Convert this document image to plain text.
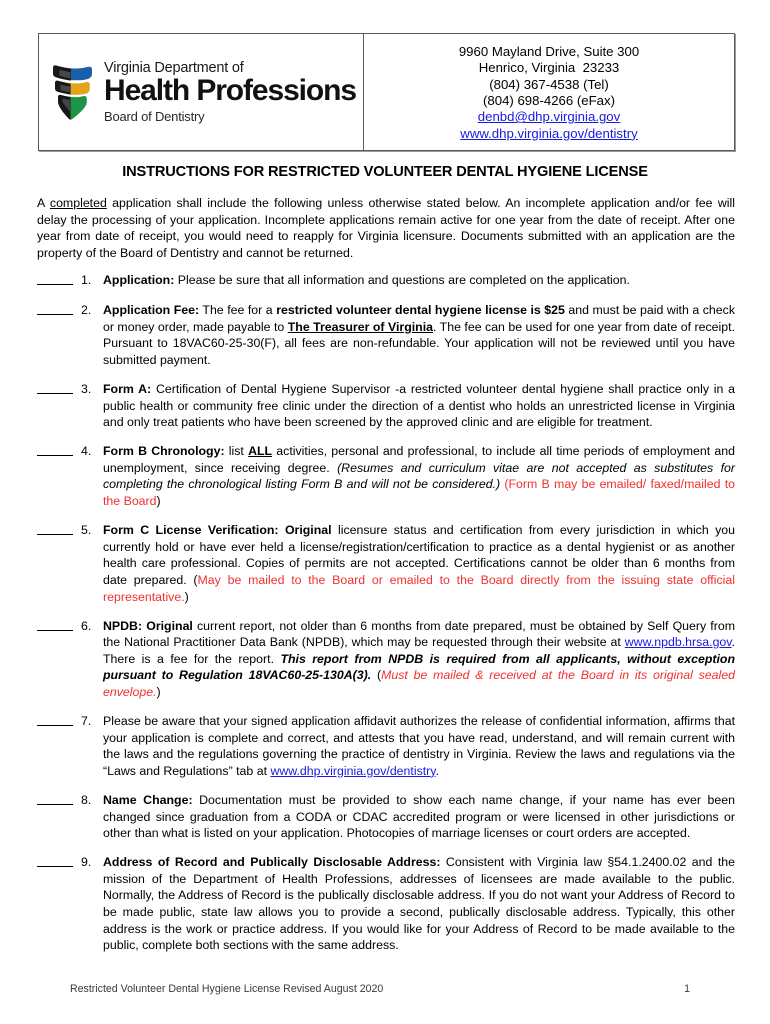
Virginia Department of
Health Professions
Board of Dentistry
9960 Mayland Drive, Suite 300
Henrico, Virginia  23233
(804) 367-4538 (Tel)
(804) 698-4266 (eFax)
denbd@dhp.virginia.gov
www.dhp.virginia.gov/dentistry
INSTRUCTIONS FOR RESTRICTED VOLUNTEER DENTAL HYGIENE LICENSE
A completed application shall include the following unless otherwise stated below. An incomplete application and/or fee will delay the processing of your application. Incomplete applications remain active for one year from the date of receipt. After one year from date of receipt, you would need to reapply for Virginia licensure. Documents submitted with an application are the property of the Board of Dentistry and cannot be returned.
1. Application: Please be sure that all information and questions are completed on the application.
2. Application Fee: The fee for a restricted volunteer dental hygiene license is $25 and must be paid with a check or money order, made payable to The Treasurer of Virginia. The fee can be used for one year from date of receipt. Pursuant to 18VAC60-25-30(F), all fees are non-refundable. Your application will not be reviewed until you have submitted payment.
3. Form A: Certification of Dental Hygiene Supervisor -a restricted volunteer dental hygiene shall practice only in a public health or community free clinic under the direction of a dentist who holds an unrestricted license in Virginia and only treat patients who have been screened by the approved clinic and are eligible for treatment.
4. Form B Chronology: list ALL activities, personal and professional, to include all time periods of employment and unemployment, since receiving degree. (Resumes and curriculum vitae are not accepted as substitutes for completing the chronological listing Form B and will not be considered.) (Form B may be emailed/ faxed/mailed to the Board)
5. Form C License Verification: Original licensure status and certification from every jurisdiction in which you currently hold or have ever held a license/registration/certification to practice as a dental hygienist or as another health care professional. Copies of permits are not accepted. Certifications cannot be older than 6 months from date prepared. (May be mailed to the Board or emailed to the Board directly from the issuing state official representative.)
6. NPDB: Original current report, not older than 6 months from date prepared, must be obtained by Self Query from the National Practitioner Data Bank (NPDB), which may be requested through their website at www.npdb.hrsa.gov. There is a fee for the report. This report from NPDB is required from all applicants, without exception pursuant to Regulation 18VAC60-25-130A(3). (Must be mailed & received at the Board in its original sealed envelope.)
7. Please be aware that your signed application affidavit authorizes the release of confidential information, affirms that your application is complete and correct, and attests that you have read, understand, and will remain current with the laws and the regulations governing the practice of dentistry in Virginia. Review the laws and regulations via the “Laws and Regulations” tab at www.dhp.virginia.gov/dentistry.
8. Name Change: Documentation must be provided to show each name change, if your name has ever been changed since graduation from a CODA or CDAC accredited program or were licensed in other jurisdictions or other than what is listed on your application. Photocopies of marriage licenses or court orders are accepted.
9. Address of Record and Publically Disclosable Address: Consistent with Virginia law §54.1.2400.02 and the mission of the Department of Health Professions, addresses of licensees are made available to the public. Normally, the Address of Record is the publically disclosable address. If you do not want your Address of Record to be made public, state law allows you to provide a second, publically disclosable address. Typically, this other address is the work or practice address. If you would like for your Address of Record to be made available to the public, complete both sections with the same address.
Restricted Volunteer Dental Hygiene License Revised August 2020	1
